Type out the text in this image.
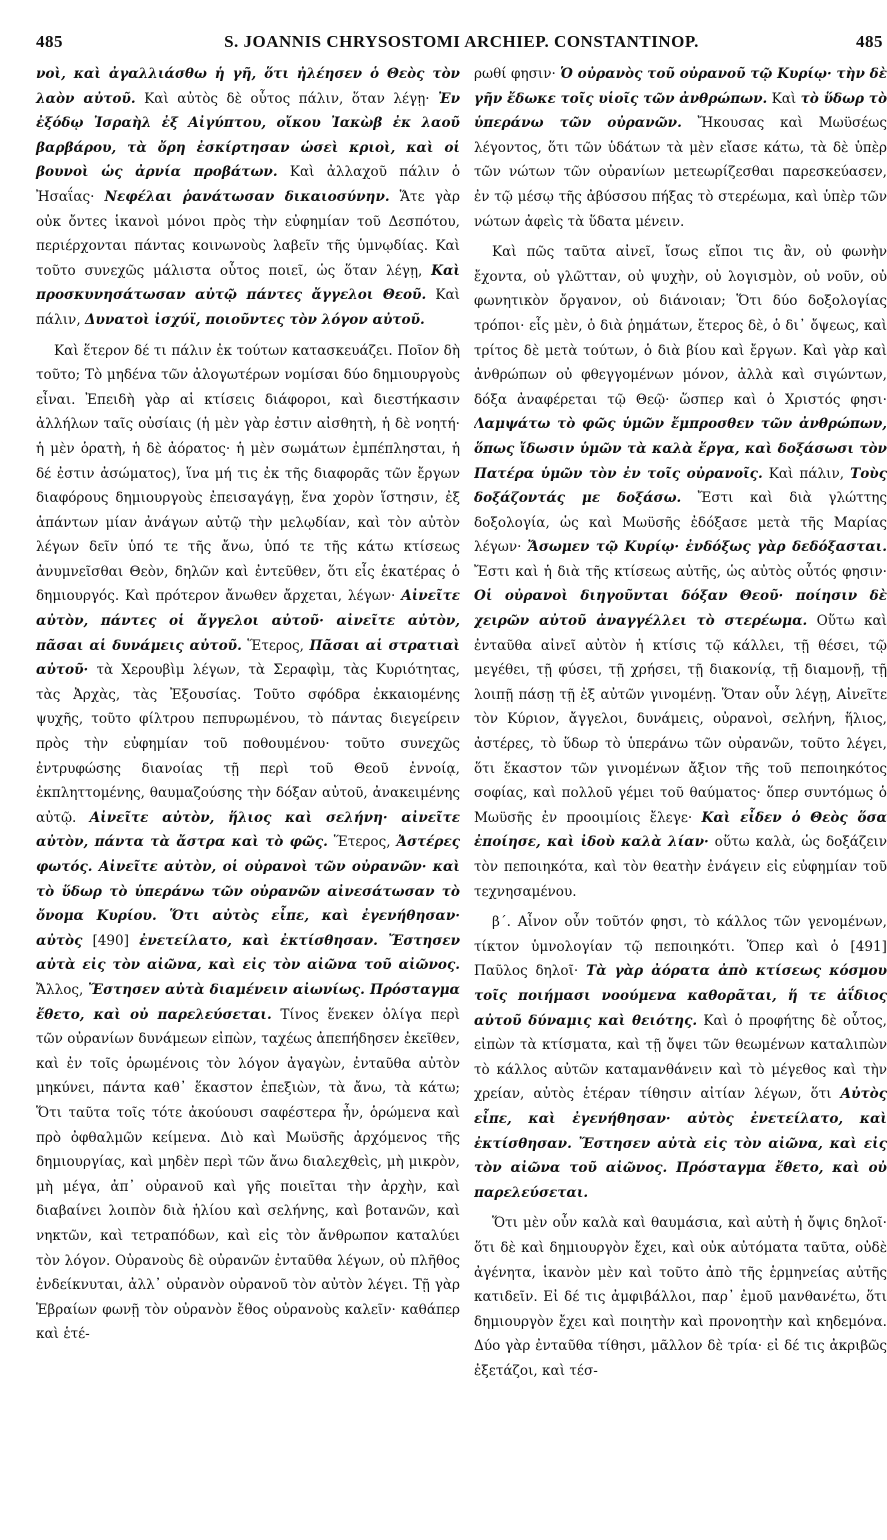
485	S. JOANNIS CHRYSOSTOMI ARCHIEP. CONSTANTINOP.	485

νοὶ, καὶ ἀγαλλιάσθω ἡ γῆ, ὅτι ἠλέησεν ὁ Θεὸς τὸν λαὸν αὐτοῦ. Καὶ αὐτὸς δὲ οὗτος πάλιν, ὅταν λέγῃ· Ἐν ἐξόδῳ Ἰσραὴλ ἐξ Αἰγύπτου, οἴκου Ἰακὼβ ἐκ λαοῦ βαρβάρου, τὰ ὄρη ἐσκίρτησαν ὡσεὶ κριοὶ, καὶ οἱ βουνοὶ ὡς ἀρνία προβάτων. Καὶ ἀλλαχοῦ πάλιν ὁ Ἠσαΐας· Νεφέλαι ῥανάτωσαν δικαιοσύνην. Ἅτε γὰρ οὐκ ὄντες ἱκανοὶ μόνοι πρὸς τὴν εὐφημίαν τοῦ Δεσπότου, περιέρχονται πάντας κοινωνοὺς λαβεῖν τῆς ὑμνῳδίας. Καὶ τοῦτο συνεχῶς μάλιστα οὗτος ποιεῖ, ὡς ὅταν λέγῃ, Καὶ προσκυνησάτωσαν αὐτῷ πάντες ἄγγελοι Θεοῦ. Καὶ πάλιν, Δυνατοὶ ἰσχύϊ, ποιοῦντες τὸν λόγον αὐτοῦ.

Καὶ ἕτερον δέ τι πάλιν ἐκ τούτων κατασκευάζει. Ποῖον δὴ τοῦτο; Τὸ μηδένα τῶν ἀλογωτέρων νομίσαι δύο δημιουργοὺς εἶναι. Ἐπειδὴ γὰρ αἱ κτίσεις διάφοροι, καὶ διεστήκασιν ἀλλήλων ταῖς οὐσίαις (ἡ μὲν γὰρ ἐστιν αἰσθητὴ, ἡ δὲ νοητή· ἡ μὲν ὁρατὴ, ἡ δὲ ἀόρατος· ἡ μὲν σωμάτων ἐμπέπλησται, ἡ δέ ἐστιν ἀσώματος), ἵνα μή τις ἐκ τῆς διαφορᾶς τῶν ἔργων διαφόρους δημιουργοὺς ἐπεισαγάγῃ, ἕνα χορὸν ἵστησιν, ἐξ ἁπάντων μίαν ἀνάγων αὐτῷ τὴν μελῳδίαν, καὶ τὸν αὐτὸν λέγων δεῖν ὑπό τε τῆς ἄνω, ὑπό τε τῆς κάτω κτίσεως ἀνυμνεῖσθαι Θεὸν, δηλῶν καὶ ἐντεῦθεν, ὅτι εἷς ἑκατέρας ὁ δημιουργός. Καὶ πρότερον ἄνωθεν ἄρχεται, λέγων· Αἰνεῖτε αὐτὸν, πάντες οἱ ἄγγελοι αὐτοῦ· αἰνεῖτε αὐτὸν, πᾶσαι αἱ δυνάμεις αὐτοῦ. Ἕτερος, Πᾶσαι αἱ στρατιαὶ αὐτοῦ· τὰ Χερουβὶμ λέγων, τὰ Σεραφὶμ, τὰς Κυριότητας, τὰς Ἀρχὰς, τὰς Ἐξουσίας. Τοῦτο σφόδρα ἐκκαιομένης ψυχῆς, τοῦτο φίλτρου πεπυρωμένου, τὸ πάντας διεγείρειν πρὸς τὴν εὐφημίαν τοῦ ποθουμένου· τοῦτο συνεχῶς ἐντρυφώσης διανοίας τῇ περὶ τοῦ Θεοῦ ἐννοίᾳ, ἐκπληττομένης, θαυμαζούσης τὴν δόξαν αὐτοῦ, ἀνακειμένης αὐτῷ. Αἰνεῖτε αὐτὸν, ἥλιος καὶ σελήνη· αἰνεῖτε αὐτὸν, πάντα τὰ ἄστρα καὶ τὸ φῶς. Ἕτερος, Ἀστέρες φωτός. Αἰνεῖτε αὐτὸν, οἱ οὐρανοὶ τῶν οὐρανῶν· καὶ τὸ ὕδωρ τὸ ὑπεράνω τῶν οὐρανῶν αἰνεσάτωσαν τὸ ὄνομα Κυρίου. Ὅτι αὐτὸς εἶπε, καὶ ἐγενήθησαν· αὐτὸς [490] ἐνετείλατο, καὶ ἐκτίσθησαν. Ἔστησεν αὐτὰ εἰς τὸν αἰῶνα, καὶ εἰς τὸν αἰῶνα τοῦ αἰῶνος. Ἄλλος, Ἔστησεν αὐτὰ διαμένειν αἰωνίως. Πρόσταγμα ἔθετο, καὶ οὐ παρελεύσεται. Τίνος ἕνεκεν ὀλίγα περὶ τῶν οὐρανίων δυνάμεων εἰπὼν, ταχέως ἀπεπήδησεν ἐκεῖθεν, καὶ ἐν τοῖς ὁρωμένοις τὸν λόγον ἀγαγὼν, ἐνταῦθα αὐτὸν μηκύνει, πάντα καθ᾽ ἕκαστον ἐπεξιὼν, τὰ ἄνω, τὰ κάτω; Ὅτι ταῦτα τοῖς τότε ἀκούουσι σαφέστερα ἦν, ὁρώμενα καὶ πρὸ ὀφθαλμῶν κείμενα. Διὸ καὶ Μωϋσῆς ἀρχόμενος τῆς δημιουργίας, καὶ μηδὲν περὶ τῶν ἄνω διαλεχθεὶς, μὴ μικρὸν, μὴ μέγα, ἀπ᾽ οὐρανοῦ καὶ γῆς ποιεῖται τὴν ἀρχὴν, καὶ διαβαίνει λοιπὸν διὰ ἡλίου καὶ σελήνης, καὶ βοτανῶν, καὶ νηκτῶν, καὶ τετραπόδων, καὶ εἰς τὸν ἄνθρωπον καταλύει τὸν λόγον. Οὐρανοὺς δὲ οὐρανῶν ἐνταῦθα λέγων, οὐ πλῆθος ἐνδείκνυται, ἀλλ᾽ οὐρανὸν οὐρανοῦ τὸν αὐτὸν λέγει. Τῇ γὰρ Ἑβραίων φωνῇ τὸν οὐρανὸν ἔθος οὐρανοὺς καλεῖν· καθάπερ καὶ ἑτέ-

ρωθί φησιν· Ὁ οὐρανὸς τοῦ οὐρανοῦ τῷ Κυρίῳ· τὴν δὲ γῆν ἔδωκε τοῖς υἱοῖς τῶν ἀνθρώπων. Καὶ τὸ ὕδωρ τὸ ὑπεράνω τῶν οὐρανῶν. Ἤκουσας καὶ Μωϋσέως λέγοντος, ὅτι τῶν ὑδάτων τὰ μὲν εἴασε κάτω, τὰ δὲ ὑπὲρ τῶν νώτων τῶν οὐρανίων μετεωρίζεσθαι παρεσκεύασεν, ἐν τῷ μέσῳ τῆς ἀβύσσου πήξας τὸ στερέωμα, καὶ ὑπὲρ τῶν νώτων ἀφεὶς τὰ ὕδατα μένειν.

Καὶ πῶς ταῦτα αἰνεῖ, ἴσως εἴποι τις ἂν, οὐ φωνὴν ἔχοντα, οὐ γλῶτταν, οὐ ψυχὴν, οὐ λογισμὸν, οὐ νοῦν, οὐ φωνητικὸν ὄργανον, οὐ διάνοιαν; Ὅτι δύο δοξολογίας τρόποι· εἷς μὲν, ὁ διὰ ῥημάτων, ἕτερος δὲ, ὁ δι᾽ ὄψεως, καὶ τρίτος δὲ μετὰ τούτων, ὁ διὰ βίου καὶ ἔργων. Καὶ γὰρ καὶ ἀνθρώπων οὐ φθεγγομένων μόνον, ἀλλὰ καὶ σιγώντων, δόξα ἀναφέρεται τῷ Θεῷ· ὥσπερ καὶ ὁ Χριστός φησι· Λαμψάτω τὸ φῶς ὑμῶν ἔμπροσθεν τῶν ἀνθρώπων, ὅπως ἴδωσιν ὑμῶν τὰ καλὰ ἔργα, καὶ δοξάσωσι τὸν Πατέρα ὑμῶν τὸν ἐν τοῖς οὐρανοῖς. Καὶ πάλιν, Τοὺς δοξάζοντάς με δοξάσω. Ἔστι καὶ διὰ γλώττης δοξολογία, ὡς καὶ Μωϋσῆς ἐδόξασε μετὰ τῆς Μαρίας λέγων· Ἄσωμεν τῷ Κυρίῳ· ἐνδόξως γὰρ δεδόξασται. Ἔστι καὶ ἡ διὰ τῆς κτίσεως αὐτῆς, ὡς αὐτὸς οὗτός φησιν· Οἱ οὐρανοὶ διηγοῦνται δόξαν Θεοῦ· ποίησιν δὲ χειρῶν αὐτοῦ ἀναγγέλλει τὸ στερέωμα. Οὕτω καὶ ἐνταῦθα αἰνεῖ αὐτὸν ἡ κτίσις τῷ κάλλει, τῇ θέσει, τῷ μεγέθει, τῇ φύσει, τῇ χρήσει, τῇ διακονίᾳ, τῇ διαμονῇ, τῇ λοιπῇ πάσῃ τῇ ἐξ αὐτῶν γινομένῃ. Ὅταν οὖν λέγῃ, Αἰνεῖτε τὸν Κύριον, ἄγγελοι, δυνάμεις, οὐρανοὶ, σελήνη, ἥλιος, ἀστέρες, τὸ ὕδωρ τὸ ὑπεράνω τῶν οὐρανῶν, τοῦτο λέγει, ὅτι ἕκαστον τῶν γινομένων ἄξιον τῆς τοῦ πεποιηκότος σοφίας, καὶ πολλοῦ γέμει τοῦ θαύματος· ὅπερ συντόμως ὁ Μωϋσῆς ἐν προοιμίοις ἔλεγε· Καὶ εἶδεν ὁ Θεὸς ὅσα ἐποίησε, καὶ ἰδοὺ καλὰ λίαν· οὕτω καλὰ, ὡς δοξάζειν τὸν πεποιηκότα, καὶ τὸν θεατὴν ἐνάγειν εἰς εὐφημίαν τοῦ τεχνησαμένου.

β΄. Αἶνον οὖν τοῦτόν φησι, τὸ κάλλος τῶν γενομένων, τίκτον ὑμνολογίαν τῷ πεποιηκότι. Ὅπερ καὶ ὁ [491] Παῦλος δηλοῖ· Τὰ γὰρ ἀόρατα ἀπὸ κτίσεως κόσμου τοῖς ποιήμασι νοούμενα καθορᾶται, ἥ τε ἀΐδιος αὐτοῦ δύναμις καὶ θειότης. Καὶ ὁ προφήτης δὲ οὗτος, εἰπὼν τὰ κτίσματα, καὶ τῇ ὄψει τῶν θεωμένων καταλιπὼν τὸ κάλλος αὐτῶν καταμανθάνειν καὶ τὸ μέγεθος καὶ τὴν χρείαν, αὐτὸς ἑτέραν τίθησιν αἰτίαν λέγων, ὅτι Αὐτὸς εἶπε, καὶ ἐγενήθησαν· αὐτὸς ἐνετείλατο, καὶ ἐκτίσθησαν. Ἔστησεν αὐτὰ εἰς τὸν αἰῶνα, καὶ εἰς τὸν αἰῶνα τοῦ αἰῶνος. Πρόσταγμα ἔθετο, καὶ οὐ παρελεύσεται.

Ὅτι μὲν οὖν καλὰ καὶ θαυμάσια, καὶ αὐτὴ ἡ ὄψις δηλοῖ· ὅτι δὲ καὶ δημιουργὸν ἔχει, καὶ οὐκ αὐτόματα ταῦτα, οὐδὲ ἀγένητα, ἱκανὸν μὲν καὶ τοῦτο ἀπὸ τῆς ἑρμηνείας αὐτῆς κατιδεῖν. Εἰ δέ τις ἀμφιβάλλοι, παρ᾽ ἐμοῦ μανθανέτω, ὅτι δημιουργὸν ἔχει καὶ ποιητὴν καὶ προνοητὴν καὶ κηδεμόνα. Δύο γὰρ ἐνταῦθα τίθησι, μᾶλλον δὲ τρία· εἰ δέ τις ἀκριβῶς ἐξετάζοι, καὶ τέσ-
